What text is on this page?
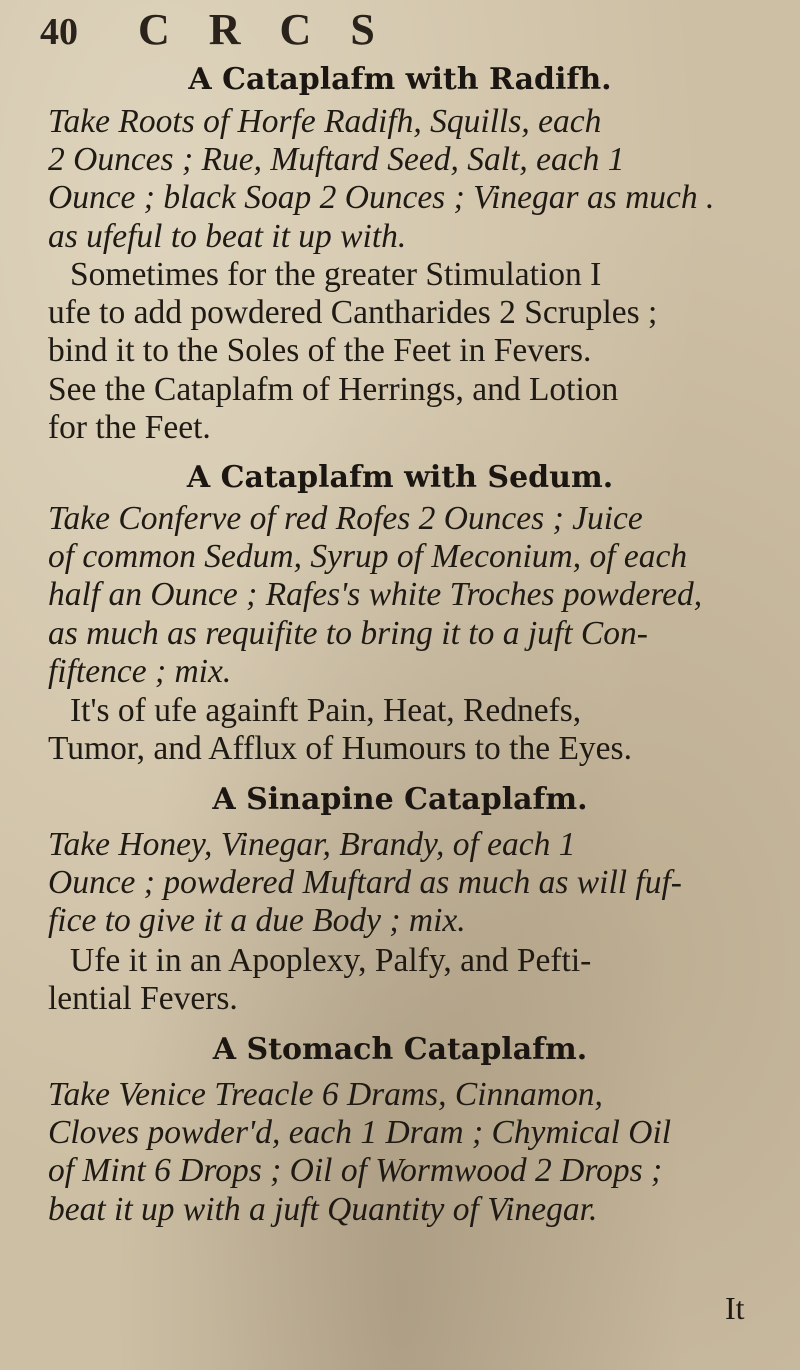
40 C R C S
A Cataplafm with Radifh.
Take Roots of Horfe Radifh, Squills, each
2 Ounces ; Rue, Muftard Seed, Salt, each 1
Ounce ; black Soap 2 Ounces ; Vinegar as much .
as ufeful to beat it up with.
Sometimes for the greater Stimulation I
ufe to add powdered Cantharides 2 Scruples ;
bind it to the Soles of the Feet in Fevers.
See the Cataplafm of Herrings, and Lotion
for the Feet.
A Cataplafm with Sedum.
Take Conferve of red Rofes 2 Ounces ; Juice
of common Sedum, Syrup of Meconium, of each
half an Ounce ; Rafes's white Troches powdered,
as much as requifite to bring it to a juft Con-
fiftence ; mix.
It's of ufe againft Pain, Heat, Rednefs,
Tumor, and Afflux of Humours to the Eyes.
A Sinapine Cataplafm.
Take Honey, Vinegar, Brandy, of each 1
Ounce ; powdered Muftard as much as will fuf-
fice to give it a due Body ; mix.
Ufe it in an Apoplexy, Palfy, and Pefti-
lential Fevers.
A Stomach Cataplafm.
Take Venice Treacle 6 Drams, Cinnamon,
Cloves powder'd, each 1 Dram ; Chymical Oil
of Mint 6 Drops ; Oil of Wormwood 2 Drops ;
beat it up with a juft Quantity of Vinegar.
It
